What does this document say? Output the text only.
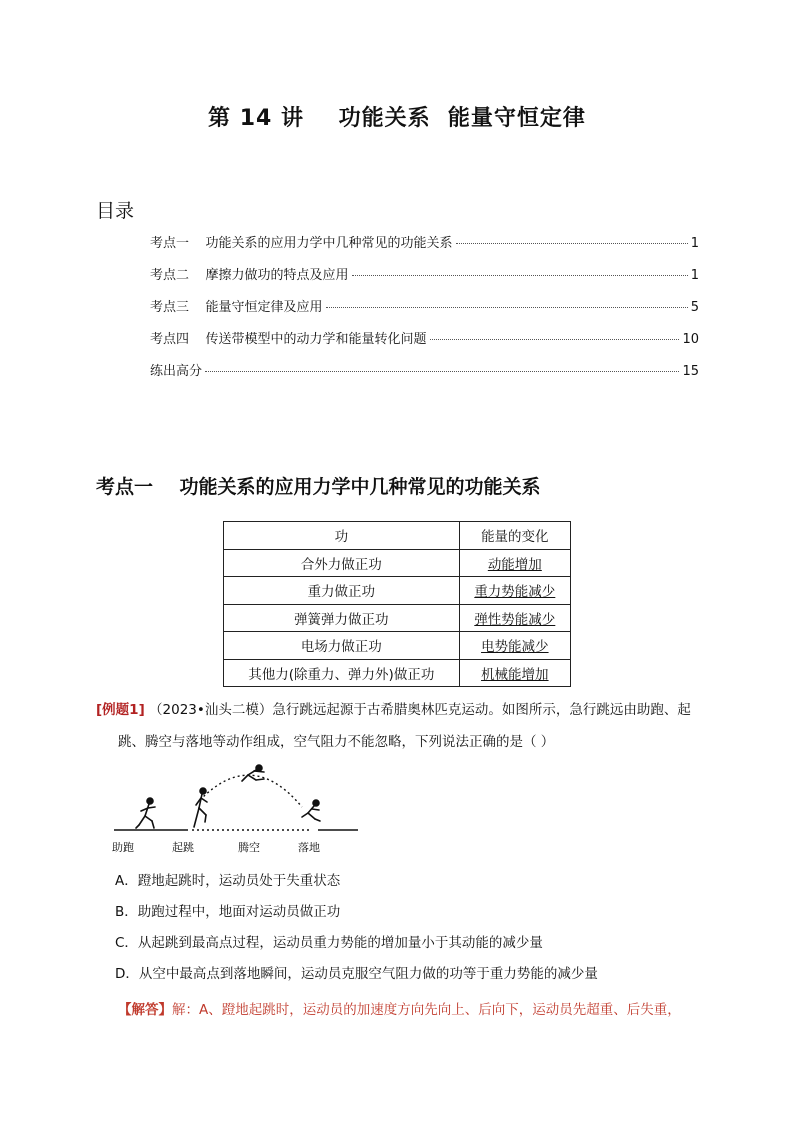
第 14 讲    功能关系  能量守恒定律
目录
考点一    功能关系的应用力学中几种常见的功能关系	1
考点二    摩擦力做功的特点及应用	1
考点三    能量守恒定律及应用	5
考点四    传送带模型中的动力学和能量转化问题	10
练出高分	15
考点一    功能关系的应用力学中几种常见的功能关系
功	能量的变化
合外力做正功	动能增加
重力做正功	重力势能减少
弹簧弹力做正功	弹性势能减少
电场力做正功	电势能减少
其他力(除重力、弹力外)做正功	机械能增加
[例题1] （2023•汕头二模）急行跳远起源于古希腊奥林匹克运动。如图所示，急行跳远由助跑、起
跳、腾空与落地等动作组成，空气阻力不能忽略，下列说法正确的是（ ）
助跑	起跳	腾空	落地
A．蹬地起跳时，运动员处于失重状态
B．助跑过程中，地面对运动员做正功
C．从起跳到最高点过程，运动员重力势能的增加量小于其动能的减少量
D．从空中最高点到落地瞬间，运动员克服空气阻力做的功等于重力势能的减少量
【解答】解：A、蹬地起跳时，运动员的加速度方向先向上、后向下，运动员先超重、后失重，
